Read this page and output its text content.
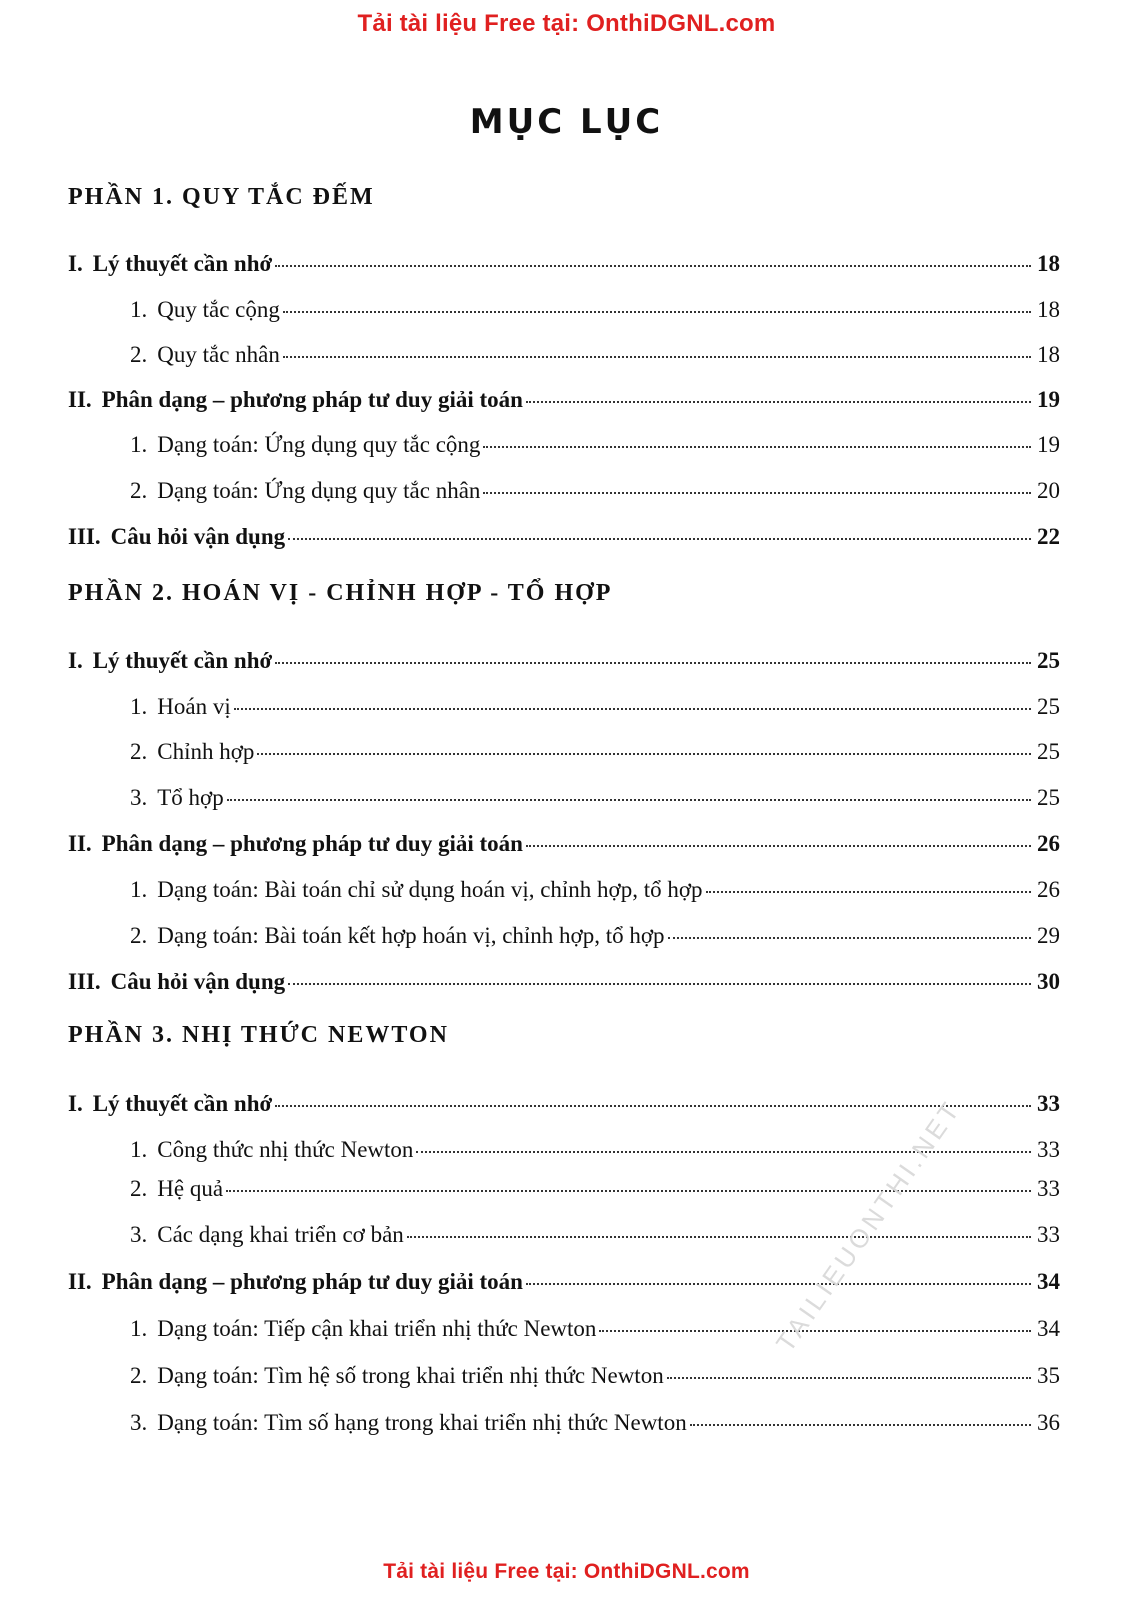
Tải tài liệu Free tại: OnthiDGNL.com
MỤC LỤC
PHẦN 1. QUY TẮC ĐẾM
I. Lý thuyết cần nhớ	18
1. Quy tắc cộng	18
2. Quy tắc nhân	18
II. Phân dạng – phương pháp tư duy giải toán	19
1. Dạng toán: Ứng dụng quy tắc cộng	19
2. Dạng toán: Ứng dụng quy tắc nhân	20
III. Câu hỏi vận dụng	22
PHẦN 2. HOÁN VỊ - CHỈNH HỢP - TỔ HỢP
I. Lý thuyết cần nhớ	25
1. Hoán vị	25
2. Chỉnh hợp	25
3. Tổ hợp	25
II. Phân dạng – phương pháp tư duy giải toán	26
1. Dạng toán: Bài toán chỉ sử dụng hoán vị, chỉnh hợp, tổ hợp	26
2. Dạng toán: Bài toán kết hợp hoán vị, chỉnh hợp, tổ hợp	29
III. Câu hỏi vận dụng	30
PHẦN 3. NHỊ THỨC NEWTON
I. Lý thuyết cần nhớ	33
1. Công thức nhị thức Newton	33
2. Hệ quả	33
3. Các dạng khai triển cơ bản	33
II. Phân dạng – phương pháp tư duy giải toán	34
1. Dạng toán: Tiếp cận khai triển nhị thức Newton	34
2. Dạng toán: Tìm hệ số trong khai triển nhị thức Newton	35
3. Dạng toán: Tìm số hạng trong khai triển nhị thức Newton	36
TAILIEUONTHI.NET
Tải tài liệu Free tại: OnthiDGNL.com
